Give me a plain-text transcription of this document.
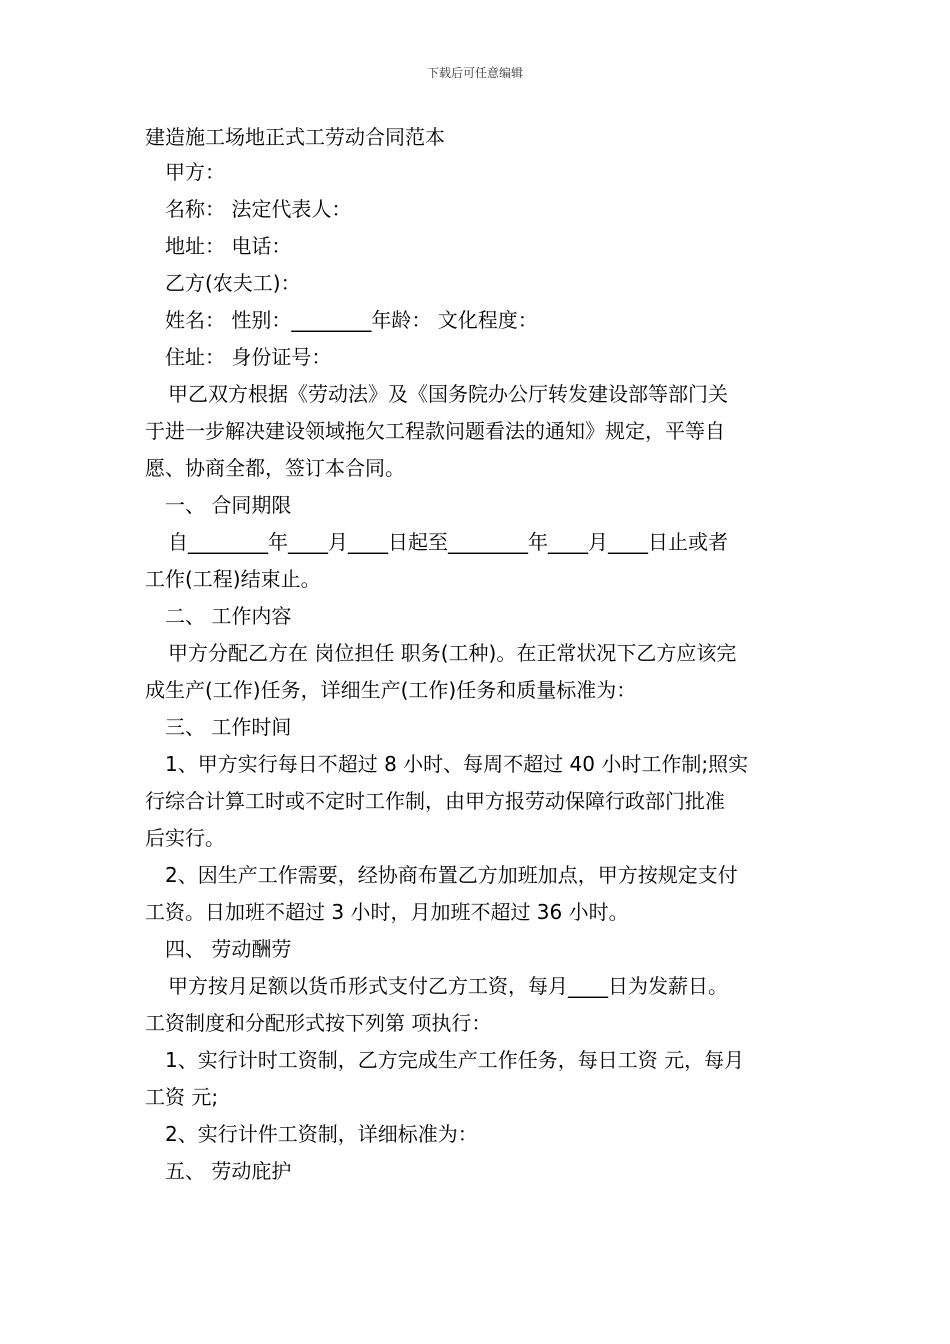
下载后可任意编辑
建造施工场地正式工劳动合同范本
甲方：
名称： 法定代表人：
地址： 电话：
乙方(农夫工)：
姓名： 性别：________年龄： 文化程度：
住址： 身份证号：
甲乙双方根据《劳动法》及《国务院办公厅转发建设部等部门关
于进一步解决建设领域拖欠工程款问题看法的通知》规定，平等自
愿、协商全都，签订本合同。
一、 合同期限
自________年____月____日起至________年____月____日止或者
工作(工程)结束止。
二、 工作内容
甲方分配乙方在 岗位担任 职务(工种)。在正常状况下乙方应该完
成生产(工作)任务，详细生产(工作)任务和质量标准为：
三、 工作时间
1、甲方实行每日不超过 8 小时、每周不超过 40 小时工作制;照实
行综合计算工时或不定时工作制，由甲方报劳动保障行政部门批准
后实行。
2、因生产工作需要，经协商布置乙方加班加点，甲方按规定支付
工资。日加班不超过 3 小时，月加班不超过 36 小时。
四、 劳动酬劳
甲方按月足额以货币形式支付乙方工资，每月____日为发薪日。
工资制度和分配形式按下列第 项执行：
1、实行计时工资制，乙方完成生产工作任务，每日工资 元，每月
工资 元;
2、实行计件工资制，详细标准为：
五、 劳动庇护
